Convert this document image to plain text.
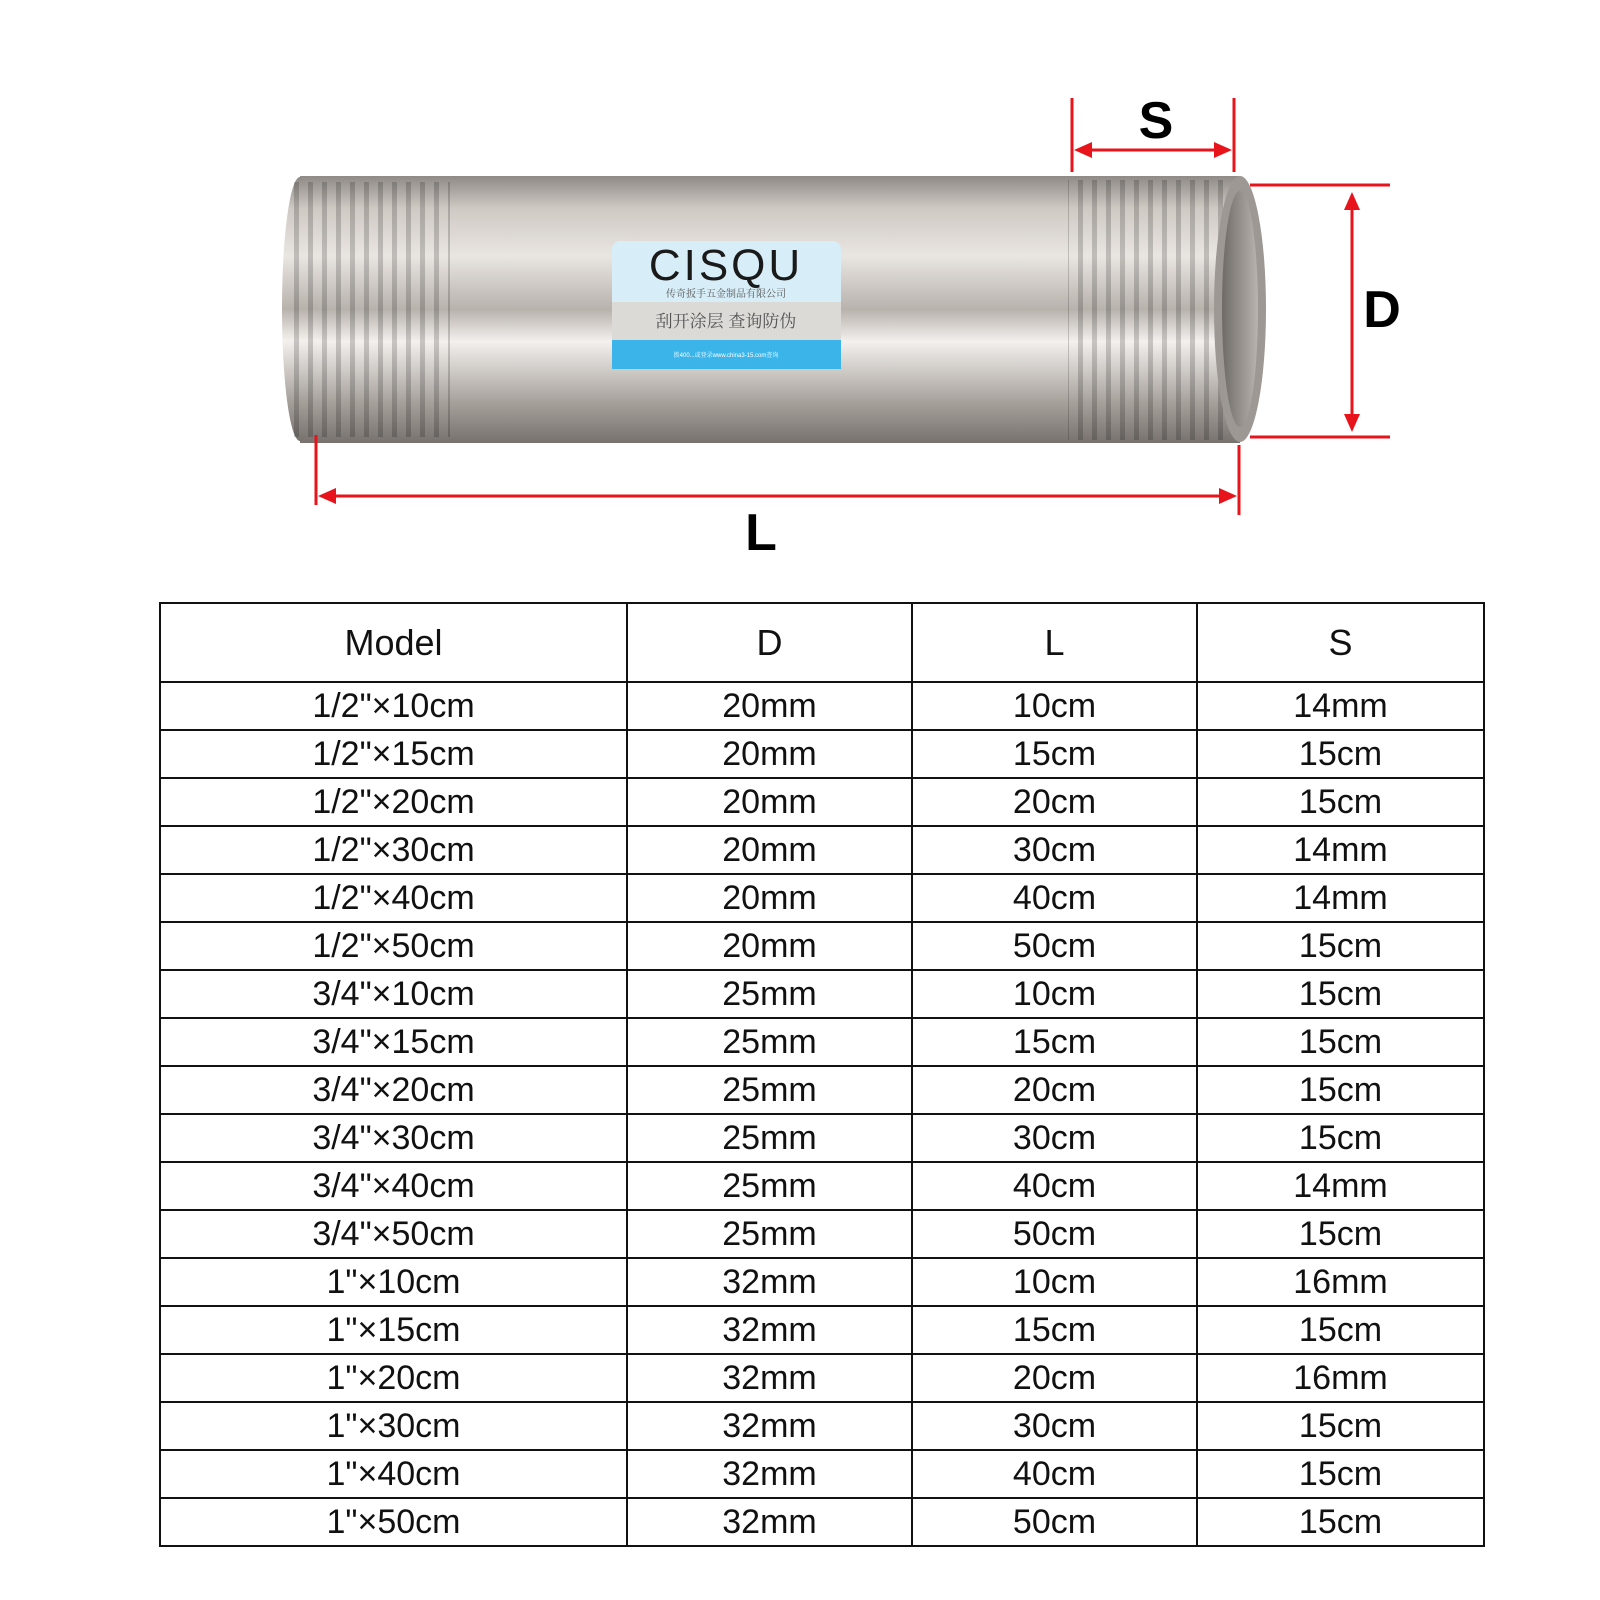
CISQU
传奇扳手五金制品有限公司
刮开涂层 查询防伪
拨400...或登录www.china3-15.com查询
S
D
L
Model	D	L	S
1/2"×10cm	20mm	10cm	14mm
1/2"×15cm	20mm	15cm	15cm
1/2"×20cm	20mm	20cm	15cm
1/2"×30cm	20mm	30cm	14mm
1/2"×40cm	20mm	40cm	14mm
1/2"×50cm	20mm	50cm	15cm
3/4"×10cm	25mm	10cm	15cm
3/4"×15cm	25mm	15cm	15cm
3/4"×20cm	25mm	20cm	15cm
3/4"×30cm	25mm	30cm	15cm
3/4"×40cm	25mm	40cm	14mm
3/4"×50cm	25mm	50cm	15cm
1"×10cm	32mm	10cm	16mm
1"×15cm	32mm	15cm	15cm
1"×20cm	32mm	20cm	16mm
1"×30cm	32mm	30cm	15cm
1"×40cm	32mm	40cm	15cm
1"×50cm	32mm	50cm	15cm
